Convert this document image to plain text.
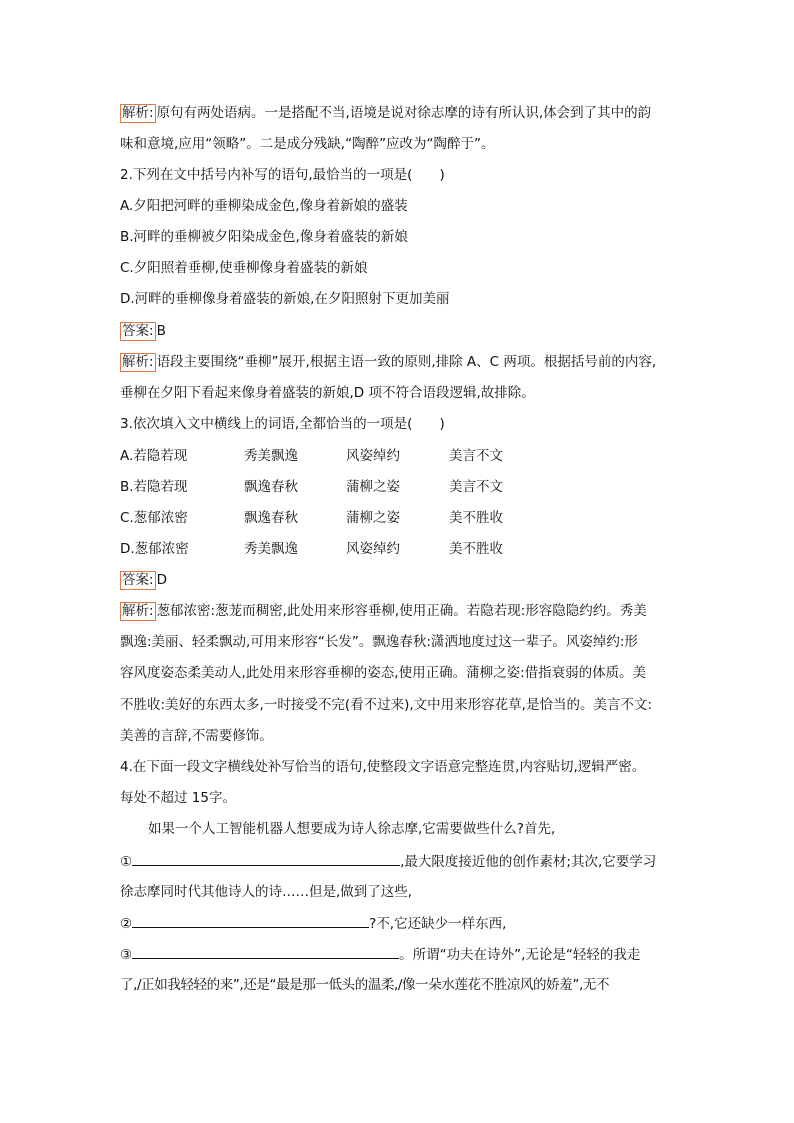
解析: 原句有两处语病。一是搭配不当,语境是说对徐志摩的诗有所认识,体会到了其中的韵
味和意境,应用“领略”。二是成分残缺,“陶醉”应改为“陶醉于”。
2.下列在文中括号内补写的语句,最恰当的一项是(　　)
A.夕阳把河畔的垂柳染成金色,像身着新娘的盛装
B.河畔的垂柳被夕阳染成金色,像身着盛装的新娘
C.夕阳照着垂柳,使垂柳像身着盛装的新娘
D.河畔的垂柳像身着盛装的新娘,在夕阳照射下更加美丽
答案: B
解析: 语段主要围绕“垂柳”展开,根据主语一致的原则,排除 A、C 两项。根据括号前的内容,
垂柳在夕阳下看起来像身着盛装的新娘,D 项不符合语段逻辑,故排除。
3.依次填入文中横线上的词语,全都恰当的一项是(　　)
A.若隐若现	秀美飘逸	风姿绰约	美言不文
B.若隐若现	飘逸春秋	蒲柳之姿	美言不文
C.葱郁浓密	飘逸春秋	蒲柳之姿	美不胜收
D.葱郁浓密	秀美飘逸	风姿绰约	美不胜收
答案: D
解析: 葱郁浓密:葱茏而稠密,此处用来形容垂柳,使用正确。若隐若现:形容隐隐约约。秀美
飘逸:美丽、轻柔飘动,可用来形容“长发”。飘逸春秋:潇洒地度过这一辈子。风姿绰约:形
容风度姿态柔美动人,此处用来形容垂柳的姿态,使用正确。蒲柳之姿:借指衰弱的体质。美
不胜收:美好的东西太多,一时接受不完(看不过来),文中用来形容花草,是恰当的。美言不文:
美善的言辞,不需要修饰。
4.在下面一段文字横线处补写恰当的语句,使整段文字语意完整连贯,内容贴切,逻辑严密。
每处不超过 15字。
如果一个人工智能机器人想要成为诗人徐志摩,它需要做些什么?首先,
①	,最大限度接近他的创作素材;其次,它要学习
徐志摩同时代其他诗人的诗……但是,做到了这些,
②	?不,它还缺少一样东西,
③	。所谓“功夫在诗外”,无论是“轻轻的我走
了,/正如我轻轻的来”,还是“最是那一低头的温柔,/像一朵水莲花不胜凉风的娇羞”,无不
